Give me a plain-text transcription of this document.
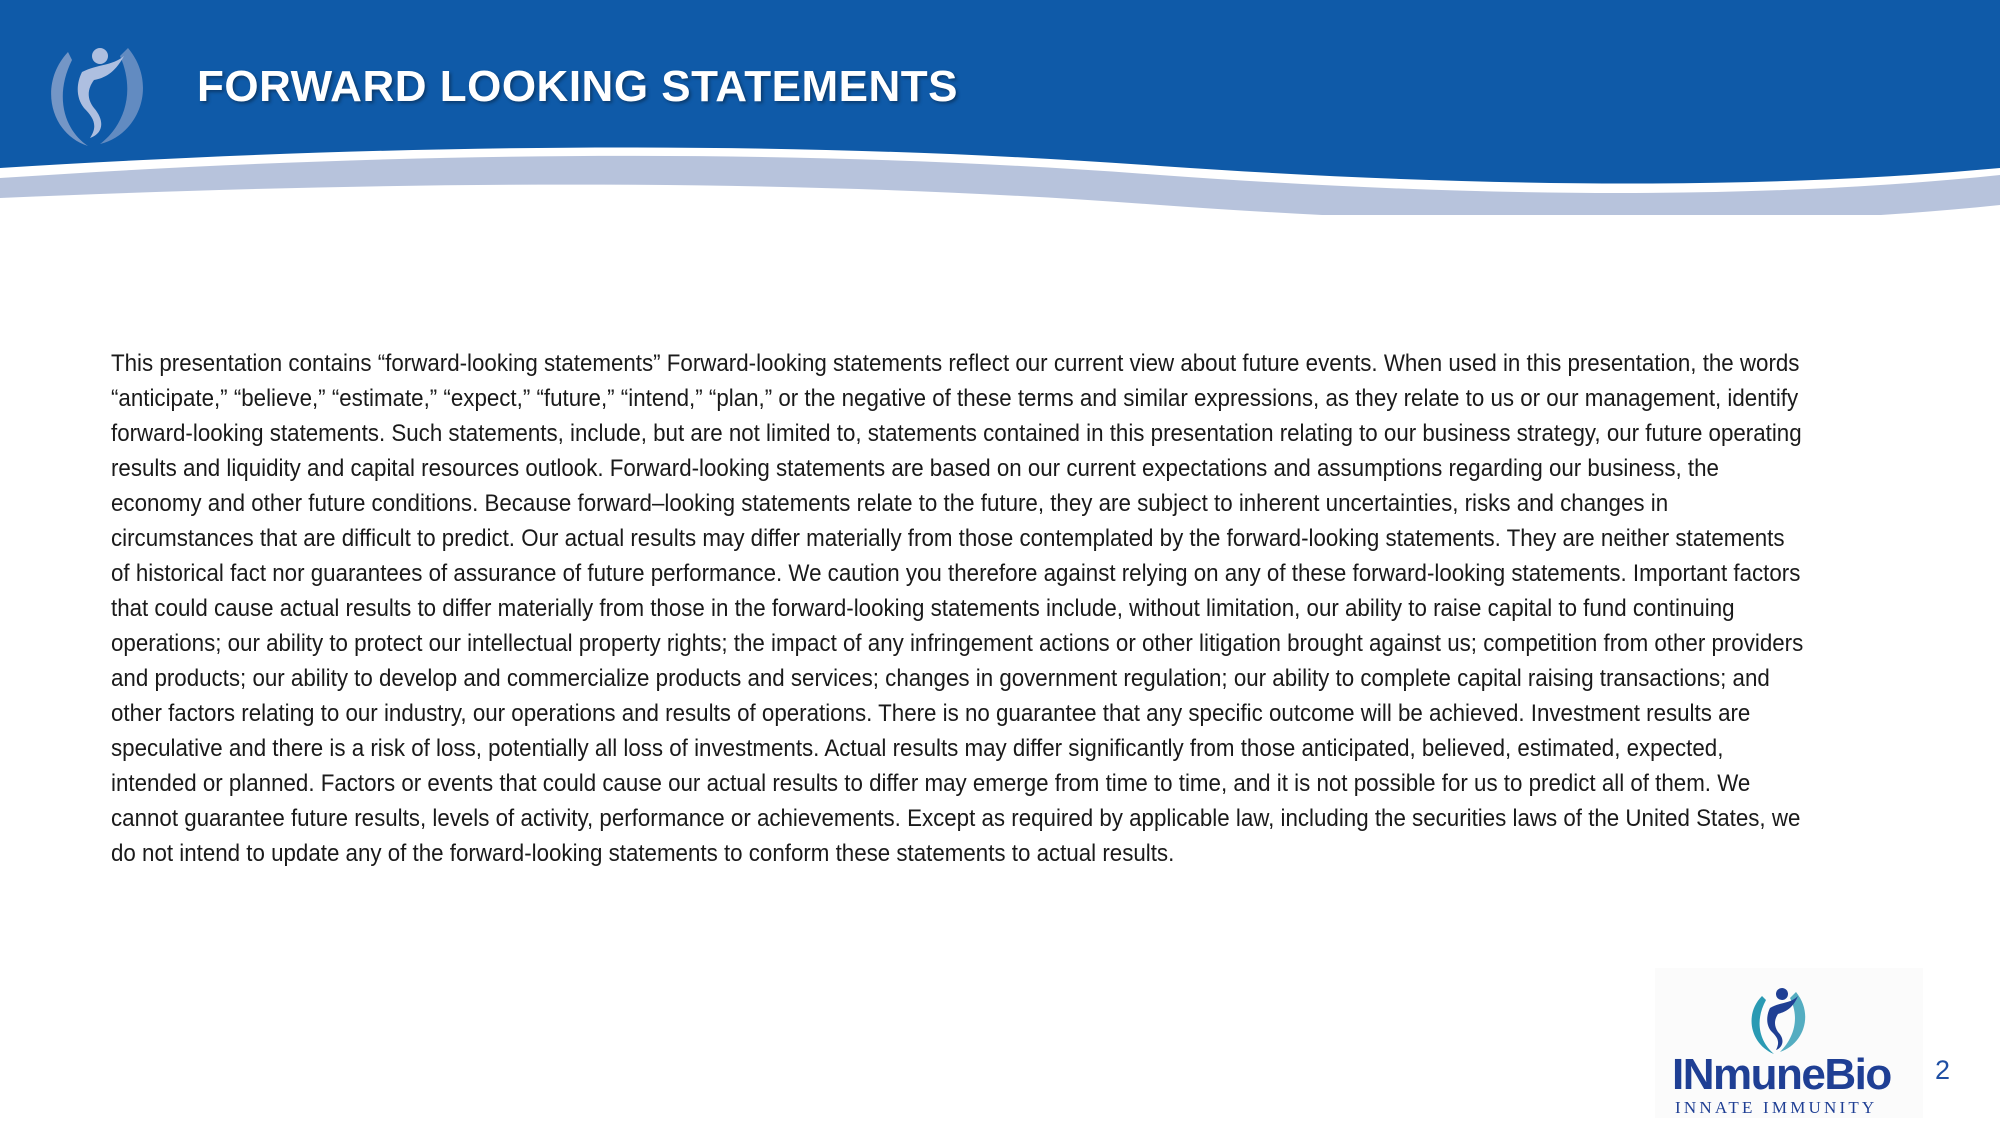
FORWARD LOOKING STATEMENTS

This presentation contains “forward-looking statements” Forward-looking statements reflect our current view about future events. When used in this presentation, the words “anticipate,” “believe,” “estimate,” “expect,” “future,” “intend,” “plan,” or the negative of these terms and similar expressions, as they relate to us or our management, identify forward-looking statements. Such statements, include, but are not limited to, statements contained in this presentation relating to our business strategy, our future operating results and liquidity and capital resources outlook. Forward-looking statements are based on our current expectations and assumptions regarding our business, the economy and other future conditions. Because forward–looking statements relate to the future, they are subject to inherent uncertainties, risks and changes in circumstances that are difficult to predict. Our actual results may differ materially from those contemplated by the forward-looking statements. They are neither statements of historical fact nor guarantees of assurance of future performance. We caution you therefore against relying on any of these forward-looking statements. Important factors that could cause actual results to differ materially from those in the forward-looking statements include, without limitation, our ability to raise capital to fund continuing operations; our ability to protect our intellectual property rights; the impact of any infringement actions or other litigation brought against us; competition from other providers and products; our ability to develop and commercialize products and services; changes in government regulation; our ability to complete capital raising transactions; and other factors relating to our industry, our operations and results of operations. There is no guarantee that any specific outcome will be achieved. Investment results are speculative and there is a risk of loss, potentially all loss of investments. Actual results may differ significantly from those anticipated, believed, estimated, expected, intended or planned. Factors or events that could cause our actual results to differ may emerge from time to time, and it is not possible for us to predict all of them. We cannot guarantee future results, levels of activity, performance or achievements. Except as required by applicable law, including the securities laws of the United States, we do not intend to update any of the forward-looking statements to conform these statements to actual results.

INmuneBio
INNATE IMMUNITY
2
